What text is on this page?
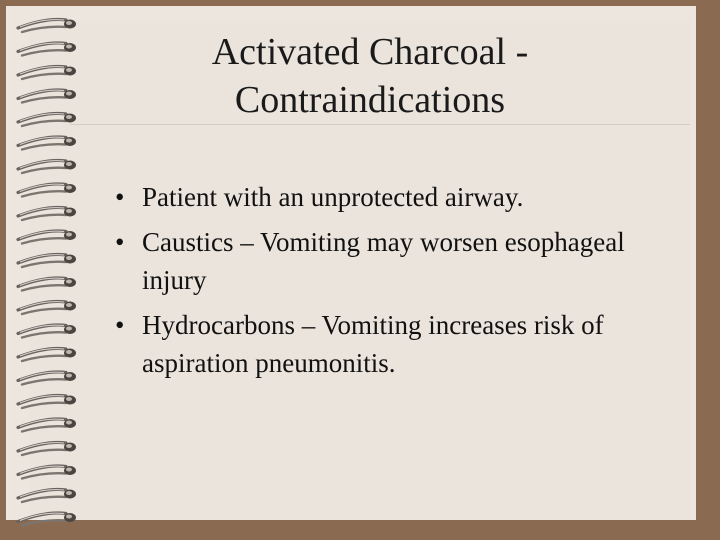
Activated Charcoal -
Contraindications
• Patient with an unprotected airway.
• Caustics – Vomiting may worsen esophageal injury
• Hydrocarbons – Vomiting increases risk of aspiration pneumonitis.
